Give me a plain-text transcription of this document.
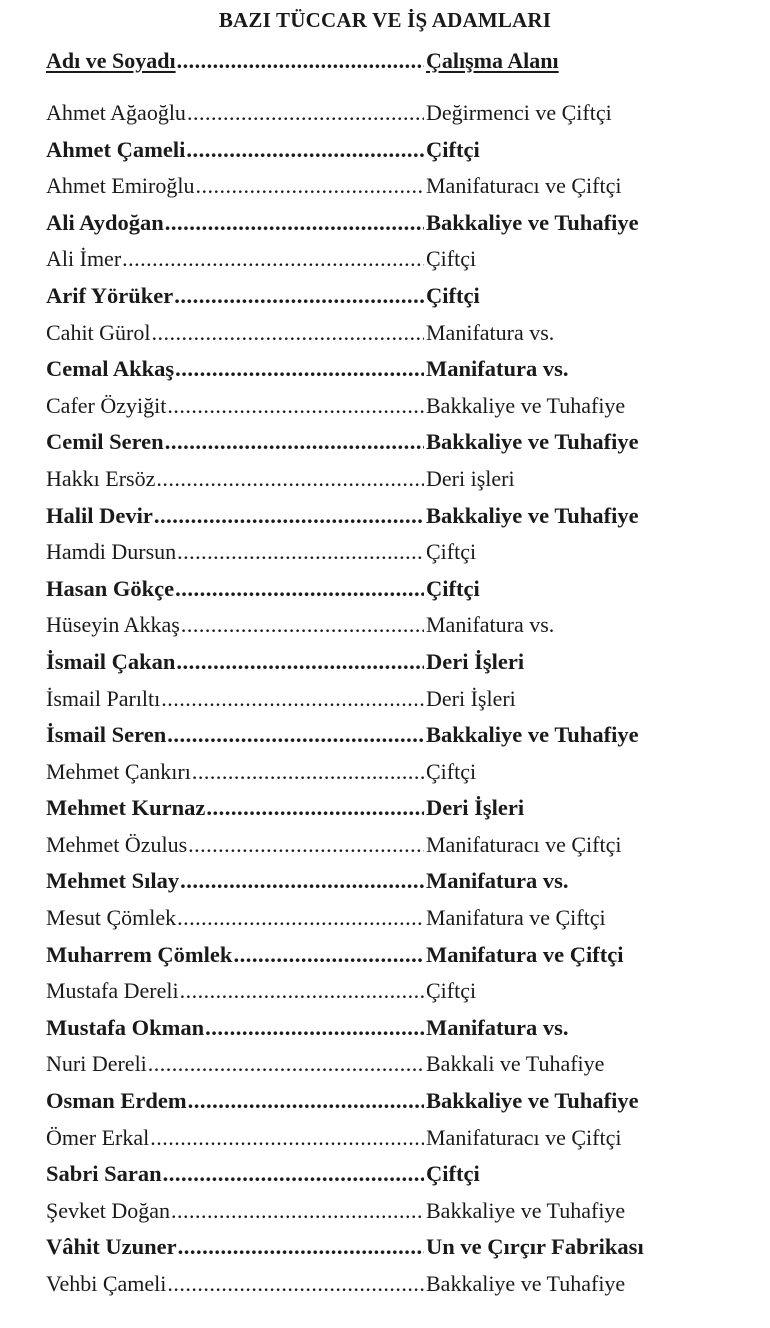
BAZI TÜCCAR VE İŞ ADAMLARI
Adı ve Soyadı .....	Çalışma Alanı
Ahmet Ağaoğlu .....	Değirmenci ve Çiftçi
Ahmet Çameli .....	Çiftçi
Ahmet Emiroğlu .....	Manifaturacı ve Çiftçi
Ali Aydoğan .....	Bakkaliye ve Tuhafiye
Ali İmer .....	Çiftçi
Arif Yörüker .....	Çiftçi
Cahit Gürol .....	Manifatura vs.
Cemal Akkaş .....	Manifatura vs.
Cafer Özyiğit .....	Bakkaliye ve Tuhafiye
Cemil Seren .....	Bakkaliye ve Tuhafiye
Hakkı Ersöz .....	Deri işleri
Halil Devir .....	Bakkaliye ve Tuhafiye
Hamdi Dursun .....	Çiftçi
Hasan Gökçe .....	Çiftçi
Hüseyin Akkaş .....	Manifatura vs.
İsmail Çakan .....	Deri İşleri
İsmail Parıltı .....	Deri İşleri
İsmail Seren .....	Bakkaliye ve Tuhafiye
Mehmet Çankırı .....	Çiftçi
Mehmet Kurnaz .....	Deri İşleri
Mehmet Özulus .....	Manifaturacı ve Çiftçi
Mehmet Sılay .....	Manifatura vs.
Mesut Çömlek .....	Manifatura ve Çiftçi
Muharrem Çömlek .....	Manifatura ve Çiftçi
Mustafa Dereli .....	Çiftçi
Mustafa Okman .....	Manifatura vs.
Nuri Dereli .....	Bakkali ve Tuhafiye
Osman Erdem .....	Bakkaliye ve Tuhafiye
Ömer Erkal .....	Manifaturacı ve Çiftçi
Sabri Saran .....	Çiftçi
Şevket Doğan .....	Bakkaliye ve Tuhafiye
Vâhit Uzuner .....	Un ve Çırçır Fabrikası
Vehbi Çameli .....	Bakkaliye ve Tuhafiye
